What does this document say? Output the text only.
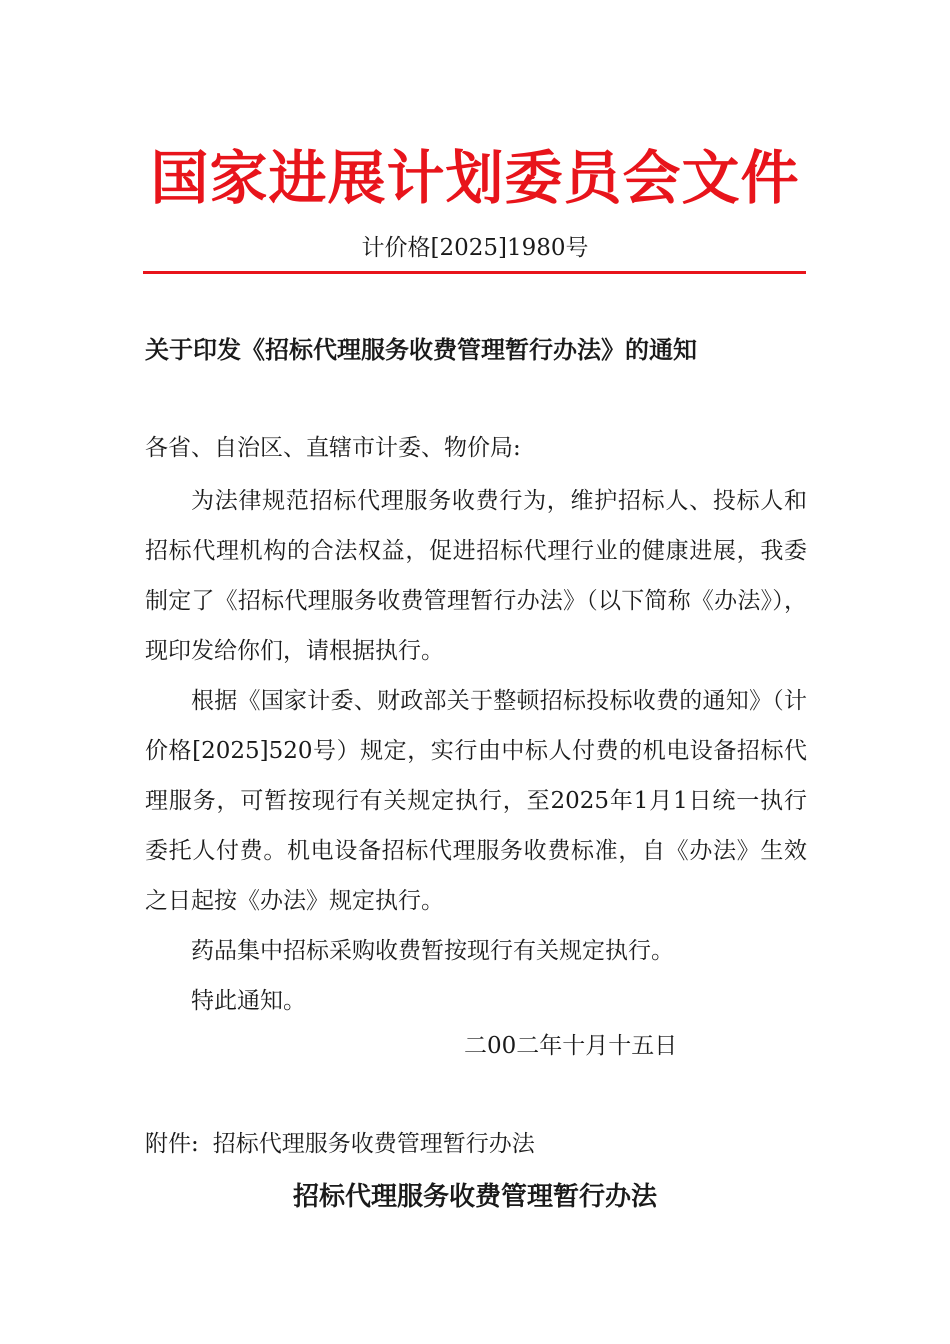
国家进展计划委员会文件
计价格[2025]1980号
关于印发《招标代理服务收费管理暂行办法》的通知
各省、自治区、直辖市计委、物价局:

为法律规范招标代理服务收费行为，维护招标人、投标人和招标代理机构的合法权益，促进招标代理行业的健康进展，我委制定了《招标代理服务收费管理暂行办法》（以下简称《办法》），现印发给你们，请根据执行。

根据《国家计委、财政部关于整顿招标投标收费的通知》（计价格[2025]520号）规定，实行由中标人付费的机电设备招标代理服务，可暂按现行有关规定执行，至2025年1月1日统一执行委托人付费。机电设备招标代理服务收费标准，自《办法》生效之日起按《办法》规定执行。

药品集中招标采购收费暂按现行有关规定执行。

特此通知。

二00二年十月十五日
附件: 招标代理服务收费管理暂行办法
招标代理服务收费管理暂行办法
